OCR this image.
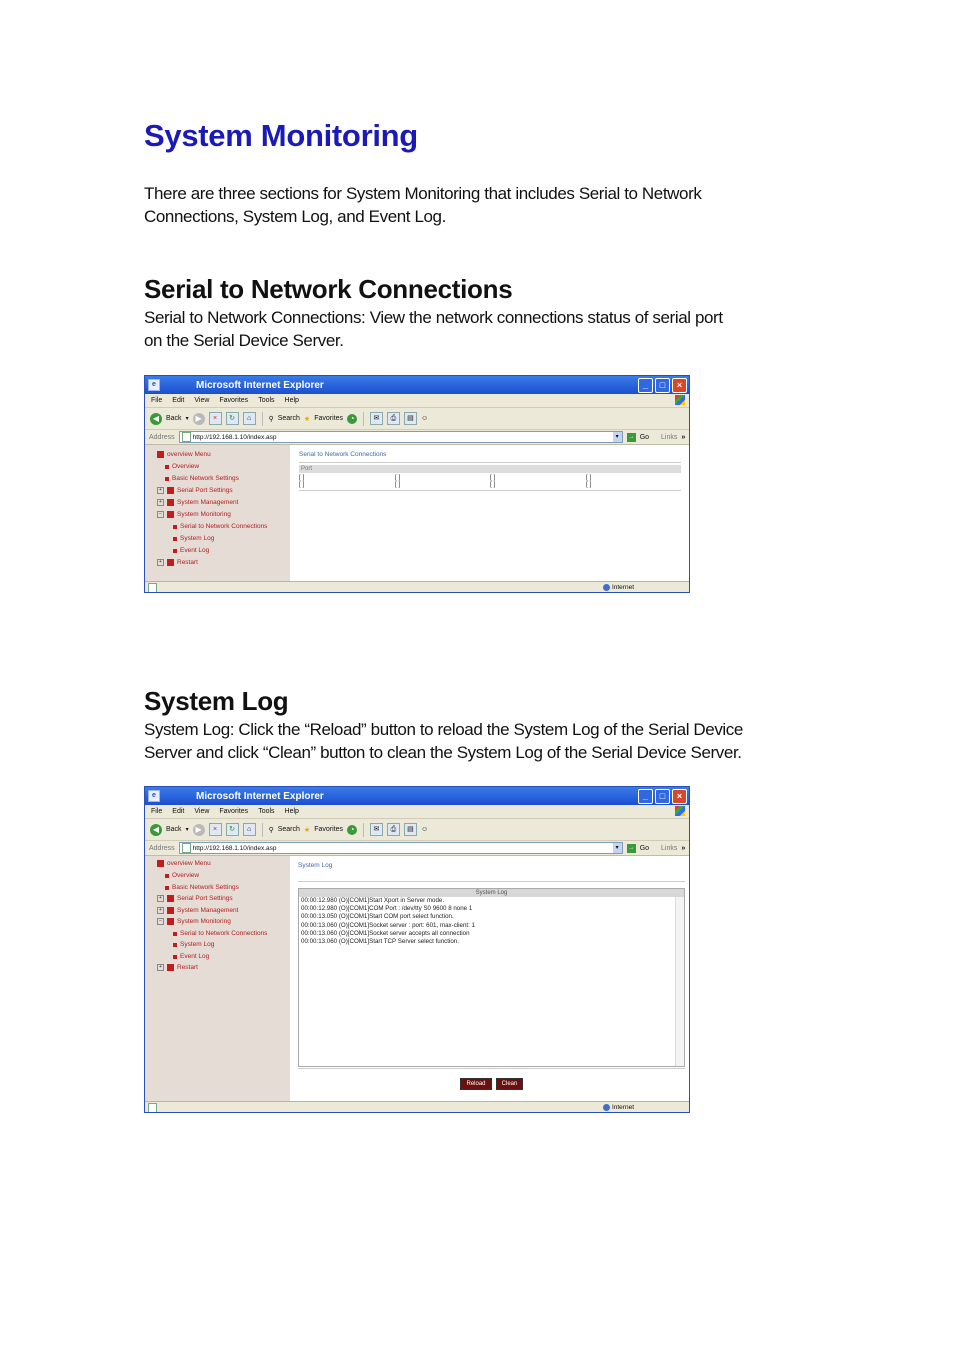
System Monitoring
There are three sections for System Monitoring that includes Serial to Network
Connections, System Log, and Event Log.
Serial to Network Connections
Serial to Network Connections: View the network connections status of serial port
on the Serial Device Server.
e	Microsoft Internet Explorer	_	□	×
File Edit View Favorites Tools Help
◀ Back ▾ ▶	×	↻	⌂	⚲ Search ★ Favorites ◔	✉	⎙	▤	☺
Address	http://192.168.1.10/index.asp	▾	→ Go Links »
overview Menu
Overview
Basic Network Settings
+	Serial Port Settings
+	System Management
−	System Monitoring
Serial to Network Connections
System Log
Event Log
+	Restart
Serial to Network Connections
Port
[ ]
[ ]
[ ]
[ ]
[ ]
[ ]
[ ]
[ ]
Internet
System Log
System Log: Click the “Reload” button to reload the System Log of the Serial Device
Server and click “Clean” button to clean the System Log of the Serial Device Server.
e	Microsoft Internet Explorer	_	□	×
File Edit View Favorites Tools Help
◀ Back ▾ ▶	×	↻	⌂	⚲ Search ★ Favorites ◔	✉	⎙	▤	☺
Address	http://192.168.1.10/index.asp	▾	→ Go Links »
overview Menu
Overview
Basic Network Settings
+	Serial Port Settings
+	System Management
−	System Monitoring
Serial to Network Connections
System Log
Event Log
+	Restart
System Log
System Log
00:00:12.980 (O)[COM1]Start Xport in Server mode.
00:00:12.980 (O)[COM1]COM Port : /dev/tty S0 9600 8 none 1
00:00:13.050 (O)[COM1]Start COM port select function.
00:00:13.060 (O)[COM1]Socket server : port: 601, max-client: 1
00:00:13.060 (O)[COM1]Socket server accepts all connection
00:00:13.060 (O)[COM1]Start TCP Server select function.
Reload	Clean
Internet
